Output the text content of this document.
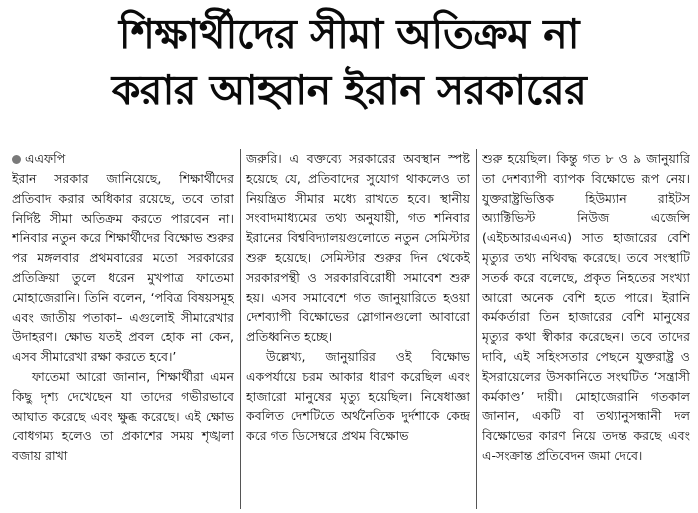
শিক্ষার্থীদের সীমা অতিক্রম না
করার আহ্বান ইরান সরকারের
এএফপি

ইরান সরকার জানিয়েছে, শিক্ষার্থীদের প্রতিবাদ করার অধিকার রয়েছে, তবে তারা নির্দিষ্ট সীমা অতিক্রম করতে পারবেন না। শনিবার নতুন করে শিক্ষার্থীদের বিক্ষোভ শুরুর পর মঙ্গলবার প্রথমবারের মতো সরকারের প্রতিক্রিয়া তুলে ধরেন মুখপাত্র ফাতেমা মোহাজেরানি। তিনি বলেন, ‘পবিত্র বিষয়সমূহ এবং জাতীয় পতাকা– এগুলোই সীমারেখার উদাহরণ। ক্ষোভ যতই প্রবল হোক না কেন, এসব সীমারেখা রক্ষা করতে হবে।’

ফাতেমা আরো জানান, শিক্ষার্থীরা এমন কিছু দৃশ্য দেখেছেন যা তাদের গভীরভাবে আঘাত করেছে এবং ক্ষুব্ধ করেছে। এই ক্ষোভ বোধগম্য হলেও তা প্রকাশের সময় শৃঙ্খলা বজায় রাখা

জরুরি। এ বক্তব্যে সরকারের অবস্থান স্পষ্ট হয়েছে যে, প্রতিবাদের সুযোগ থাকলেও তা নিয়ন্ত্রিত সীমার মধ্যে রাখতে হবে। স্থানীয় সংবাদমাধ্যমের তথ্য অনুযায়ী, গত শনিবার ইরানের বিশ্ববিদ্যালয়গুলোতে নতুন সেমিস্টার শুরু হয়েছে। সেমিস্টার শুরুর দিন থেকেই সরকারপন্থী ও সরকারবিরোধী সমাবেশ শুরু হয়। এসব সমাবেশে গত জানুয়ারিতে হওয়া দেশব্যাপী বিক্ষোভের স্লোগানগুলো আবারো প্রতিধ্বনিত হচ্ছে।

উল্লেখ্য, জানুয়ারির ওই বিক্ষোভ একপর্যায়ে চরম আকার ধারণ করেছিল এবং হাজারো মানুষের মৃত্যু হয়েছিল। নিষেধাজ্ঞা কবলিত দেশটিতে অর্থনৈতিক দুর্দশাকে কেন্দ্র করে গত ডিসেম্বরে প্রথম বিক্ষোভ

শুরু হয়েছিল। কিন্তু গত ৮ ও ৯ জানুয়ারি তা দেশব্যাপী ব্যাপক বিক্ষোভে রূপ নেয়। যুক্তরাষ্ট্রভিত্তিক হিউম্যান রাইটস অ্যাক্টিভিস্ট নিউজ এজেন্সি (এইচআরএএনএ) সাত হাজারের বেশি মৃত্যুর তথ্য নথিবদ্ধ করেছে। তবে সংস্থাটি সতর্ক করে বলেছে, প্রকৃত নিহতের সংখ্যা আরো অনেক বেশি হতে পারে। ইরানি কর্মকর্তারা তিন হাজারের বেশি মানুষের মৃত্যুর কথা স্বীকার করেছেন। তবে তাদের দাবি, এই সহিংসতার পেছনে যুক্তরাষ্ট্র ও ইসরায়েলের উসকানিতে সংঘটিত ‘সন্ত্রাসী কর্মকাণ্ড’ দায়ী। মোহাজেরানি গতকাল জানান, একটি বা তথ্যানুসন্ধানী দল বিক্ষোভের কারণ নিয়ে তদন্ত করছে এবং এ-সংক্রান্ত প্রতিবেদন জমা দেবে।
